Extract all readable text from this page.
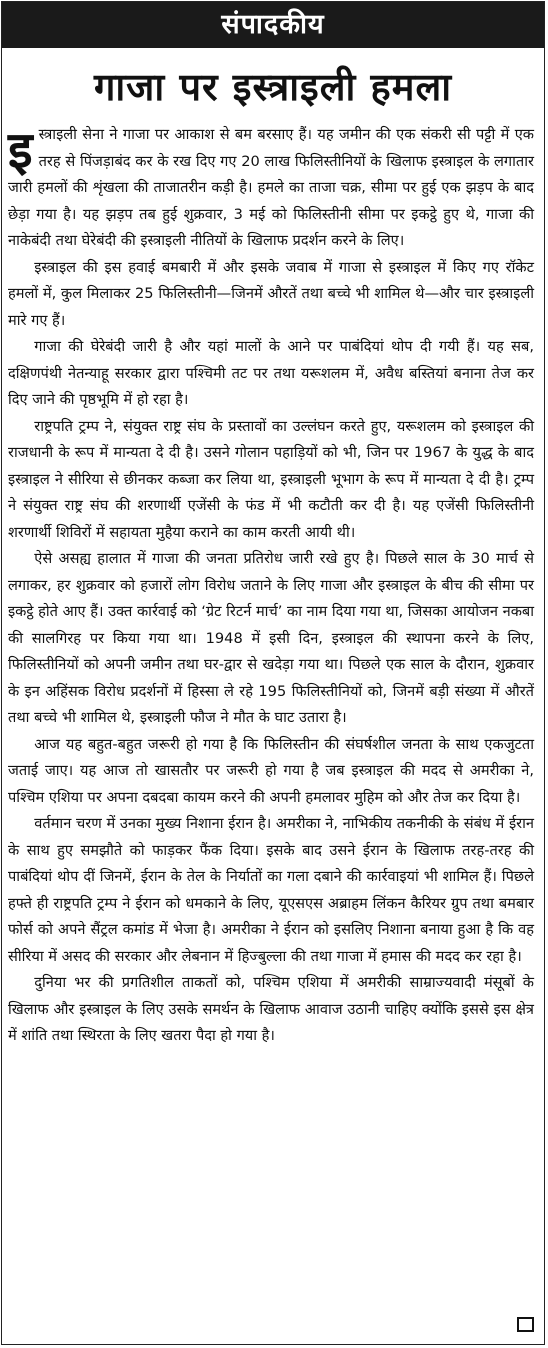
संपादकीय
गाजा पर इस्त्राइली हमला

इस्त्राइली सेना ने गाजा पर आकाश से बम बरसाए हैं। यह जमीन की एक संकरी सी पट्टी में एक तरह से पिंजड़ाबंद कर के रख दिए गए 20 लाख फिलिस्तीनियों के खिलाफ इस्त्राइल के लगातार जारी हमलों की शृंखला की ताजातरीन कड़ी है। हमले का ताजा चक्र, सीमा पर हुई एक झड़प के बाद छेड़ा गया है। यह झड़प तब हुई शुक्रवार, 3 मई को फिलिस्तीनी सीमा पर इकट्ठे हुए थे, गाजा की नाकेबंदी तथा घेरेबंदी की इस्त्राइली नीतियों के खिलाफ प्रदर्शन करने के लिए।

इस्त्राइल की इस हवाई बमबारी में और इसके जवाब में गाजा से इस्त्राइल में किए गए रॉकेट हमलों में, कुल मिलाकर 25 फिलिस्तीनी—जिनमें औरतें तथा बच्चे भी शामिल थे—और चार इस्त्राइली मारे गए हैं।

गाजा की घेरेबंदी जारी है और यहां मालों के आने पर पाबंदियां थोप दी गयी हैं। यह सब, दक्षिणपंथी नेतन्याहू सरकार द्वारा पश्चिमी तट पर तथा यरूशलम में, अवैध बस्तियां बनाना तेज कर दिए जाने की पृष्ठभूमि में हो रहा है।

राष्ट्रपति ट्रम्प ने, संयुक्त राष्ट्र संघ के प्रस्तावों का उल्लंघन करते हुए, यरूशलम को इस्त्राइल की राजधानी के रूप में मान्यता दे दी है। उसने गोलान पहाड़ियों को भी, जिन पर 1967 के युद्ध के बाद इस्त्राइल ने सीरिया से छीनकर कब्जा कर लिया था, इस्त्राइली भूभाग के रूप में मान्यता दे दी है। ट्रम्प ने संयुक्त राष्ट्र संघ की शरणार्थी एजेंसी के फंड में भी कटौती कर दी है। यह एजेंसी फिलिस्तीनी शरणार्थी शिविरों में सहायता मुहैया कराने का काम करती आयी थी।

ऐसे असह्य हालात में गाजा की जनता प्रतिरोध जारी रखे हुए है। पिछले साल के 30 मार्च से लगाकर, हर शुक्रवार को हजारों लोग विरोध जताने के लिए गाजा और इस्त्राइल के बीच की सीमा पर इकट्ठे होते आए हैं। उक्त कार्रवाई को ‘ग्रेट रिटर्न मार्च’ का नाम दिया गया था, जिसका आयोजन नकबा की सालगिरह पर किया गया था। 1948 में इसी दिन, इस्त्राइल की स्थापना करने के लिए, फिलिस्तीनियों को अपनी जमीन तथा घर-द्वार से खदेड़ा गया था। पिछले एक साल के दौरान, शुक्रवार के इन अहिंसक विरोध प्रदर्शनों में हिस्सा ले रहे 195 फिलिस्तीनियों को, जिनमें बड़ी संख्या में औरतें तथा बच्चे भी शामिल थे, इस्त्राइली फौज ने मौत के घाट उतारा है।

आज यह बहुत-बहुत जरूरी हो गया है कि फिलिस्तीन की संघर्षशील जनता के साथ एकजुटता जताई जाए। यह आज तो खासतौर पर जरूरी हो गया है जब इस्त्राइल की मदद से अमरीका ने, पश्चिम एशिया पर अपना दबदबा कायम करने की अपनी हमलावर मुहिम को और तेज कर दिया है।

वर्तमान चरण में उनका मुख्य निशाना ईरान है। अमरीका ने, नाभिकीय तकनीकी के संबंध में ईरान के साथ हुए समझौते को फाड़कर फैंक दिया। इसके बाद उसने ईरान के खिलाफ तरह-तरह की पाबंदियां थोप दीं जिनमें, ईरान के तेल के निर्यातों का गला दबाने की कार्रवाइयां भी शामिल हैं। पिछले हफ्ते ही राष्ट्रपति ट्रम्प ने ईरान को धमकाने के लिए, यूएसएस अब्राहम लिंकन कैरियर ग्रुप तथा बमबार फोर्स को अपने सैंट्रल कमांड में भेजा है। अमरीका ने ईरान को इसलिए निशाना बनाया हुआ है कि वह सीरिया में असद की सरकार और लेबनान में हिज्बुल्ला की तथा गाजा में हमास की मदद कर रहा है।

दुनिया भर की प्रगतिशील ताकतों को, पश्चिम एशिया में अमरीकी साम्राज्यवादी मंसूबों के खिलाफ और इस्त्राइल के लिए उसके समर्थन के खिलाफ आवाज उठानी चाहिए क्योंकि इससे इस क्षेत्र में शांति तथा स्थिरता के लिए खतरा पैदा हो गया है।
